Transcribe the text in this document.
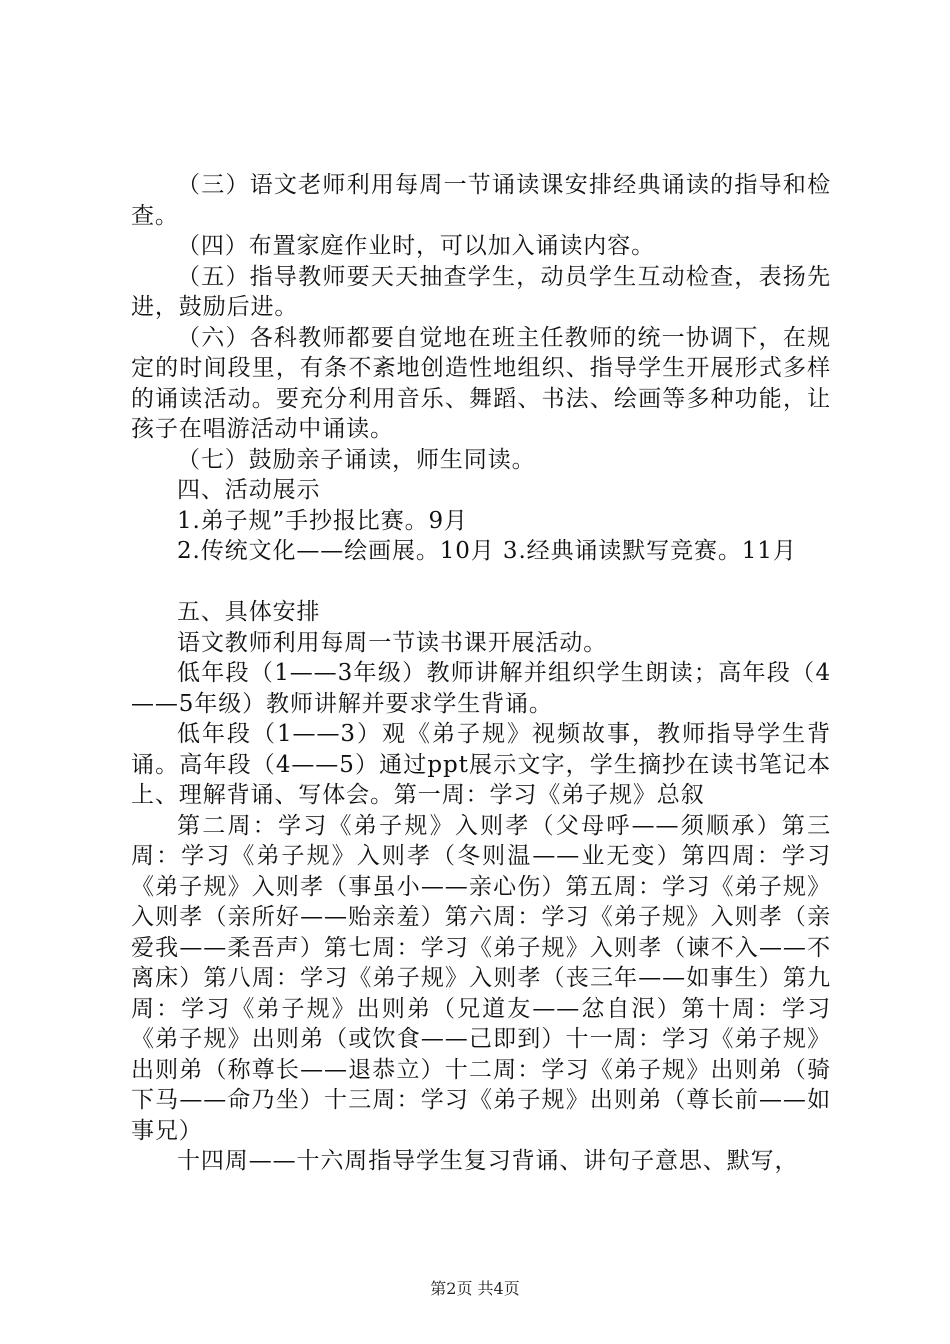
（三）语文老师利用每周一节诵读课安排经典诵读的指导和检查。

（四）布置家庭作业时，可以加入诵读内容。

（五）指导教师要天天抽查学生，动员学生互动检查，表扬先进，鼓励后进。

（六）各科教师都要自觉地在班主任教师的统一协调下，在规定的时间段里，有条不紊地创造性地组织、指导学生开展形式多样的诵读活动。要充分利用音乐、舞蹈、书法、绘画等多种功能，让孩子在唱游活动中诵读。

（七）鼓励亲子诵读，师生同读。

四、活动展示

1.弟子规”手抄报比赛。9月

2.传统文化——绘画展。10月 3.经典诵读默写竞赛。11月

五、具体安排

语文教师利用每周一节读书课开展活动。

低年段（1——3年级）教师讲解并组织学生朗读；高年段（4——5年级）教师讲解并要求学生背诵。

低年段（1——3）观《弟子规》视频故事，教师指导学生背诵。高年段（4——5）通过ppt展示文字，学生摘抄在读书笔记本上、理解背诵、写体会。第一周：学习《弟子规》总叙

第二周：学习《弟子规》入则孝（父母呼——须顺承）第三周：学习《弟子规》入则孝（冬则温——业无变）第四周：学习《弟子规》入则孝（事虽小——亲心伤）第五周：学习《弟子规》入则孝（亲所好——贻亲羞）第六周：学习《弟子规》入则孝（亲爱我——柔吾声）第七周：学习《弟子规》入则孝（谏不入——不离床）第八周：学习《弟子规》入则孝（丧三年——如事生）第九周：学习《弟子规》出则弟（兄道友——忿自泯）第十周：学习《弟子规》出则弟（或饮食——己即到）十一周：学习《弟子规》出则弟（称尊长——退恭立）十二周：学习《弟子规》出则弟（骑下马——命乃坐）十三周：学习《弟子规》出则弟（尊长前——如事兄）

十四周——十六周指导学生复习背诵、讲句子意思、默写，

第2页 共4页
